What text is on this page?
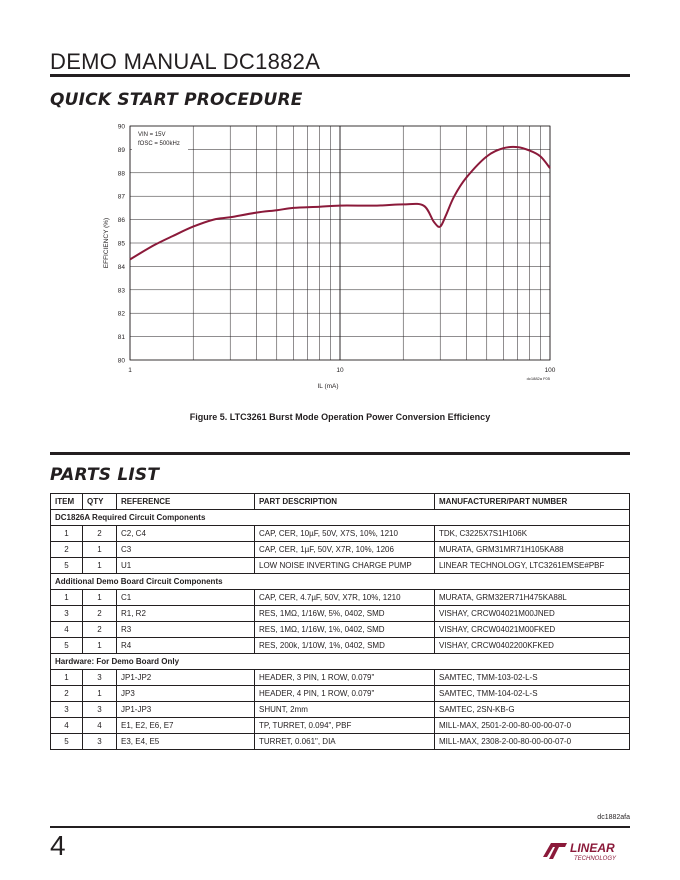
DEMO MANUAL DC1882A
QUICK START PROCEDURE
80
81
82
83
84
85
86
87
88
89
90
1	10	100
VIN = 15V
fOSC = 500kHz
IL (mA)
EFFICIENCY (%)
dc1882a F05
Figure 5. LTC3261 Burst Mode Operation Power Conversion Efficiency
PARTS LIST
ITEM	QTY	REFERENCE	PART DESCRIPTION	MANUFACTURER/PART NUMBER
DC1826A Required Circuit Components				
1	2	C2, C4	CAP, CER, 10µF, 50V, X7S, 10%, 1210	TDK, C3225X7S1H106K
2	1	C3	CAP, CER, 1µF, 50V, X7R, 10%, 1206	MURATA, GRM31MR71H105KA88
5	1	U1	LOW NOISE INVERTING CHARGE PUMP	LINEAR TECHNOLOGY, LTC3261EMSE#PBF
Additional Demo Board Circuit Components				
1	1	C1	CAP, CER, 4.7µF, 50V, X7R, 10%, 1210	MURATA, GRM32ER71H475KA88L
3	2	R1, R2	RES, 1MΩ, 1/16W, 5%, 0402, SMD	VISHAY, CRCW04021M00JNED
4	2	R3	RES, 1MΩ, 1/16W, 1%, 0402, SMD	VISHAY, CRCW04021M00FKED
5	1	R4	RES, 200k, 1/10W, 1%, 0402, SMD	VISHAY, CRCW0402200KFKED
Hardware: For Demo Board Only				
1	3	JP1-JP2	HEADER, 3 PIN, 1 ROW, 0.079"	SAMTEC, TMM-103-02-L-S
2	1	JP3	HEADER, 4 PIN, 1 ROW, 0.079"	SAMTEC, TMM-104-02-L-S
3	3	JP1-JP3	SHUNT, 2mm	SAMTEC, 2SN-KB-G
4	4	E1, E2, E6, E7	TP, TURRET, 0.094", PBF	MILL-MAX, 2501-2-00-80-00-00-07-0
5	3	E3, E4, E5	TURRET, 0.061", DIA	MILL-MAX, 2308-2-00-80-00-00-07-0
dc1882afa
4	LINEAR
TECHNOLOGY
